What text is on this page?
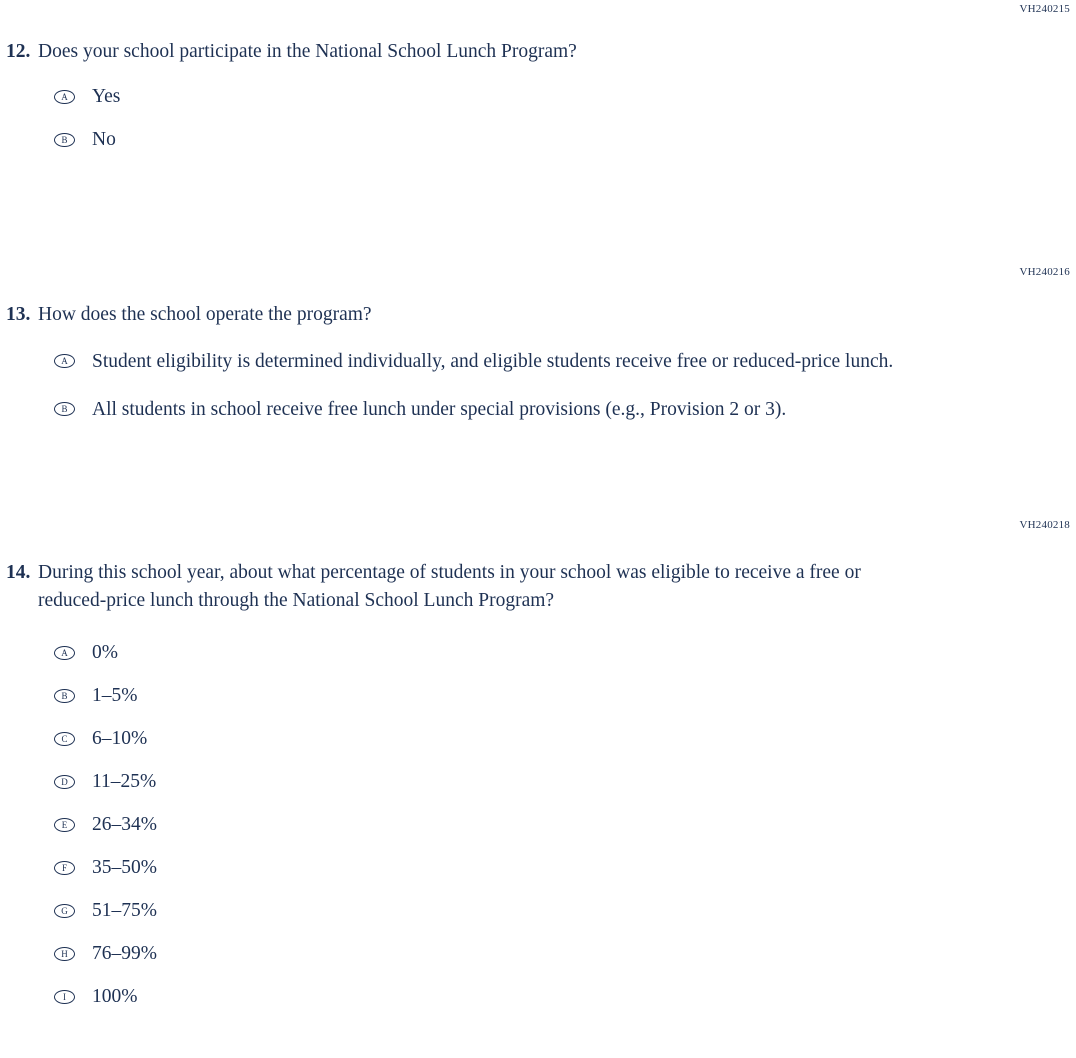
VH240215
12. Does your school participate in the National School Lunch Program?
A	Yes
B	No
VH240216
13. How does the school operate the program?
A	Student eligibility is determined individually, and eligible students receive free or reduced-price lunch.
B	All students in school receive free lunch under special provisions (e.g., Provision 2 or 3).
VH240218
14. During this school year, about what percentage of students in your school was eligible to receive a free or reduced-price lunch through the National School Lunch Program?
A	0%
B	1–5%
C	6–10%
D	11–25%
E	26–34%
F	35–50%
G	51–75%
H	76–99%
I	100%
